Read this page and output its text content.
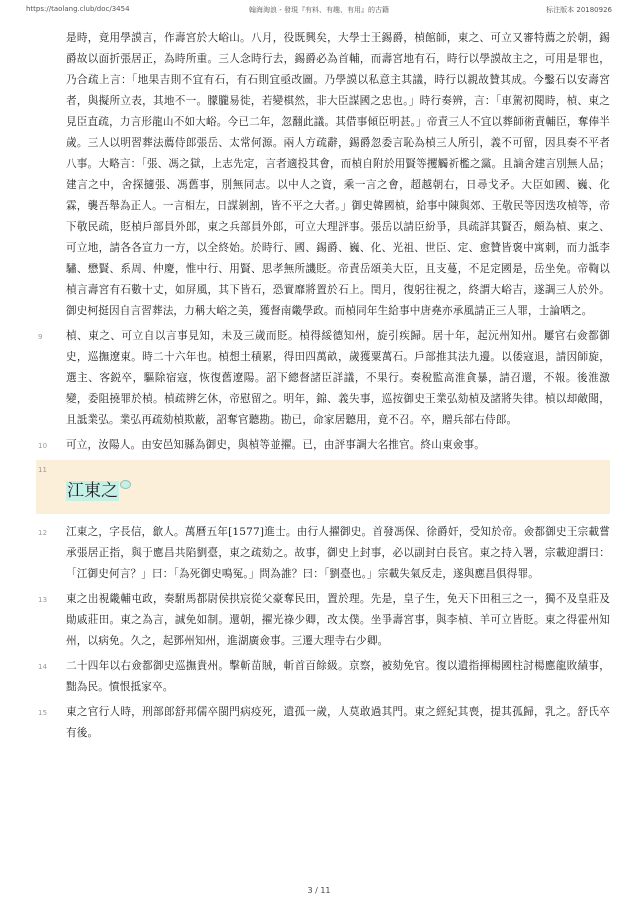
https://taolang.club/doc/3454	翰海淘浪 - 發現『有料、有趣、有用』的古籍	标注版本 20180926

是時，竟用學謨言，作壽宮於大峪山。八月，役既興矣，大學士王錫爵，楨館師，東之、可立又審特薦之於朝，錫爵故以面折張居正，為時所重。三人念時行去，錫爵必為首輔，而壽宮地有石，時行以學謨故主之，可用是罪也，乃合疏上言：「地果吉則不宜有石，有石則宜亟改圖。乃學謨以私意主其議，時行以親故贊其成。今鑿石以安壽宮者，與擬所立表，其地不一。朦朧易徙，若變棋然，非大臣謀國之忠也。」時行奏辨，言：「車駕初閱時，楨、東之見臣直疏，力言形龍山不如大峪。今已二年，忽翻此議。其借事傾臣明甚。」帝責三人不宜以葬師術責輔臣，奪俸半歲。三人以明習葬法薦侍郎張岳、太常何源。兩人方疏辭，錫爵忽委言恥為楨三人所引，義不可留，因具奏不平者八事。大略言：「張、馮之獄，上志先定，言者適投其會，而楨自附於用賢等攫觸祈檻之黨。且謫舍建言別無人品；建言之中，舍探擿張、馮舊事，別無同志。以中人之資，乘一言之會，超越朝右，日尋戈矛。大臣如國、巍、化霖，襲吾舉為正人。一言相左，日謀剝割，皆不平之大者。」御史韓國楨，給事中陳與郊、王敬民等因迭攻楨等，帝下敬民疏，貶楨戶部員外郎，東之兵部員外郎，可立大理評事。張岳以請臣紛爭，具疏詳其賢否，頗為楨、東之、可立地，請各各宣力一方，以全終始。於時行、國、錫爵、巍、化、光祖、世臣、定、愈贊皆褒中寓刺，而力詆李驌、懋賢、系周、仲慶，惟中行、用賢、思孝無所譏貶。帝責岳頌美大臣，且支蔓，不足定國是，岳坐免。帝鞫以楨言壽宮有石數十丈，如屏風，其下皆石，恐實靡將置於石上。閏月，復躬往視之，終謂大峪吉，遂調三人於外。御史柯挺因自言習葬法，力稱大峪之美，獲督南畿學政。而楨同年生給事中唐堯亦承風請正三人罪，士論哂之。

9 楨、東之、可立自以言事見知，未及三歲而貶。楨得綏德知州，旋引疾歸。居十年，起沅州知州。屢官右僉都御史，巡撫遼東。時二十六年也。楨想土積累，得田四萬畝，歲獲粟萬石。戶部推其法九邊。以倭寇退，請因師旋，選主、客鋭卒，驅除宿寇，恢復舊遼陽。詔下總督諸臣詳議，不果行。奏稅監高淮貪暴，請召還，不報。後淮激變，委阻撓罪於楨。楨疏辨乞休，帝慰留之。明年，錦、義失事，巡按御史王業弘劾楨及諸將失律。楨以却敵聞，且詆業弘。業弘再疏劾楨欺蔽，詔奪官聽勘。勘已，命家居聽用，竟不召。卒，贈兵部右侍郎。

10 可立，汝陽人。由安邑知縣為御史，與楨等並擢。已，由評事調大名推官。終山東僉事。

11
江東之

12 江東之，字長信，歙人。萬曆五年[1577]進士。由行人擢御史。首發馮保、徐爵奸，受知於帝。僉都御史王宗載嘗承張居正指，與于應昌共陷劉臺，東之疏劾之。故事，御史上封事，必以副封白長官。東之持入署，宗載迎謂曰：「江御史何言？」曰：「為死御史鳴冤。」問為誰？曰：「劉臺也。」宗載失氣反走，遂與應昌俱得罪。

13 東之出視畿輔屯政，奏駙馬都尉侯拱宸從父豪奪民田，置於理。先是，皇子生，免天下田租三之一，獨不及皇莊及勛戚莊田。東之為言，誠免如制。還朝，擢光祿少卿，改太僕。坐爭壽宮事，與李楨、羊可立皆貶。東之得霍州知州，以病免。久之，起鄧州知州，進湖廣僉事。三遷大理寺右少卿。

14 二十四年以右僉都御史巡撫貴州。擊斬苗賊，斬首百餘級。京察，被劾免官。復以遺指揮楊國柱討楊應龍敗績事，黜為民。憤恨抵家卒。

15 東之官行人時，刑部郎舒邦儒卒閩門病疫死，遺孤一歲，人莫敢過其門。東之經紀其喪，提其孤歸，乳之。舒氏卒有後。

3 / 11
